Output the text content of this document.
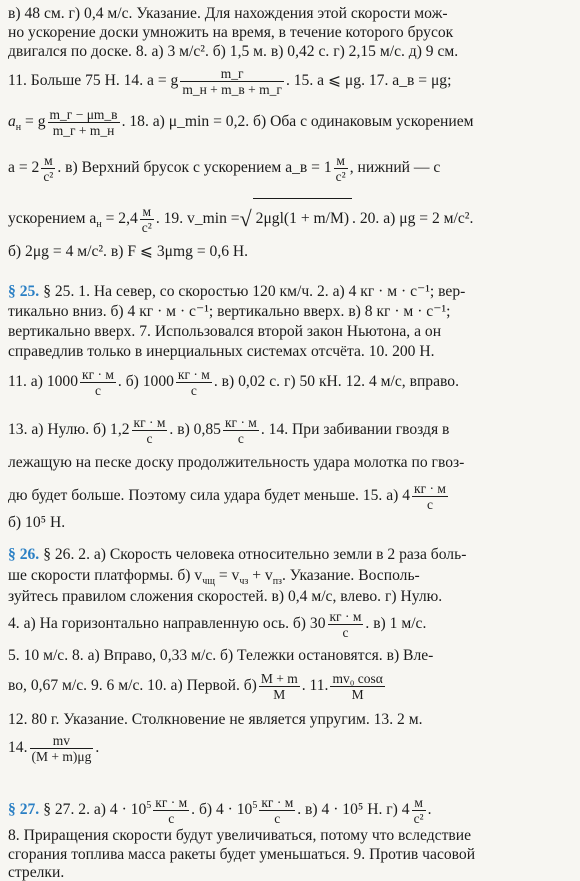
в) 48 см. г) 0,4 м/с. Указание. Для нахождения этой скорости мож-
но ускорение доски умножить на время, в течение которого брусок
двигался по доске. 8. а) 3 м/с². б) 1,5 м. в) 0,42 с. г) 2,15 м/с. д) 9 см.
11. Больше 75 Н. 14. a = g	m_г
m_н + m_в + m_г
. 15. a ⩽ μg. 17. a_в = μg;
$a_н = g$ m_г − μm_в
m_г + m_н
. 18. а) μ_min = 0,2. б) Оба с одинаковым ускорением
a = 2 м
с²
. в) Верхний брусок с ускорением a_в = 1 м
с²
, нижний — с
ускорением $a_н = 2,4$ м
с²
. 19. v_min =√ 2μgl(1 + m/M) . 20. а) μg = 2 м/с².
б) 2μg = 4 м/с². в) F ⩽ 3μmg = 0,6 Н.
§ 25. § 25. 1. На север, со скоростью 120 км/ч. 2. а) 4 кг · м · с⁻¹; вер-
тикально вниз. б) 4 кг · м · с⁻¹; вертикально вверх. в) 8 кг · м · с⁻¹;
вертикально вверх. 7. Использовался второй закон Ньютона, а он
справедлив только в инерциальных системах отсчёта. 10. 200 Н.
11. а) 1000 кг · м
с
. б) 1000 кг · м
с
. в) 0,02 с. г) 50 кН. 12. 4 м/с, вправо.
13. а) Нулю. б) 1,2 кг · м
с
. в) 0,85 кг · м
с
. 14. При забивании гвоздя в
лежащую на песке доску продолжительность удара молотка по гвоз-
дю будет больше. Поэтому сила удара будет меньше. 15. а) 4 кг · м
с
б) 10⁵ Н.
§ 26. § 26. 2. а) Скорость человека относительно земли в 2 раза боль-
ше скорости платформы. б) $v_{чщ} = v_{чз} + v_{пз}$. Указание. Восполь-
зуйтесь правилом сложения скоростей. в) 0,4 м/с, влево. г) Нулю.
4. а) На горизонтально направленную ось. б) 30 кг · м
с
. в) 1 м/с.
5. 10 м/с. 8. а) Вправо, 0,33 м/с. б) Тележки остановятся. в) Вле-
во, 0,67 м/с. 9. 6 м/с. 10. а) Первой. $б) \frac{M + m}{M}$ . 11. $\frac{\text{mv₀ cosα}}{M}$
12. 80 г. Указание. Столкновение не является упругим. 13. 2 м.
14. $\frac{mv}{(M + m)\mu g}$ .
§ 27. § 27. 2. а) $4 \cdot 10^5$ кг · м
с
. б) $4 \cdot 10^5$ кг · м
с
. в) 4 · 10⁵ Н. г) 4 м
с²
.
8. Приращения скорости будут увеличиваться, потому что вследствие
сгорания топлива масса ракеты будет уменьшаться. 9. Против часовой
стрелки.
